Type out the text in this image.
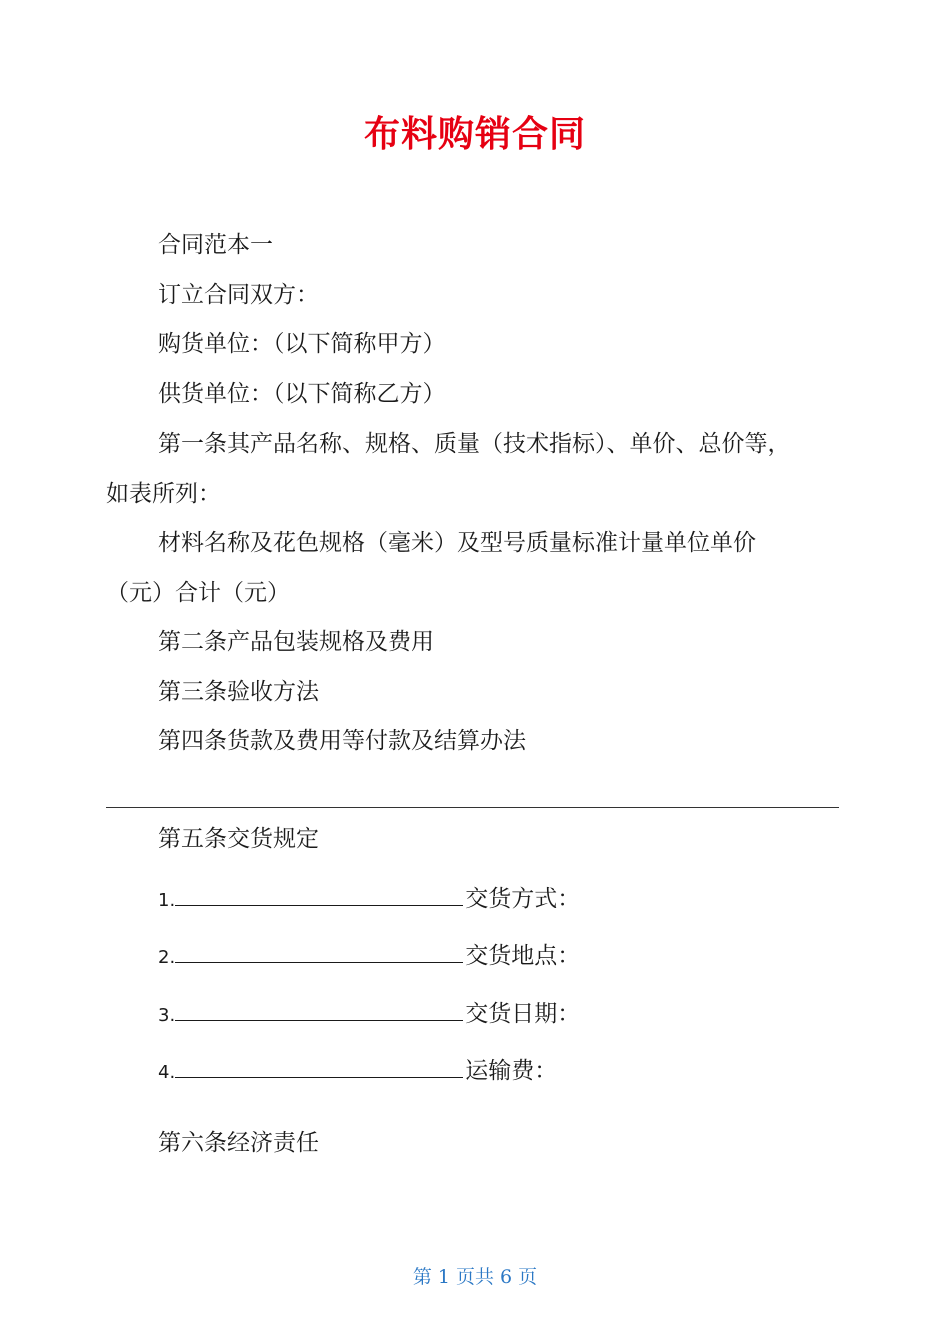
布料购销合同
合同范本一
订立合同双方：
购货单位：（以下简称甲方）
供货单位：（以下简称乙方）
第一条其产品名称、规格、质量（技术指标）、单价、总价等，
如表所列：
材料名称及花色规格（毫米）及型号质量标准计量单位单价
（元）合计（元）
第二条产品包装规格及费用
第三条验收方法
第四条货款及费用等付款及结算办法
第五条交货规定
1.	交货方式：
2.	交货地点：
3.	交货日期：
4.	运输费：
第六条经济责任
第 1 页共 6 页
